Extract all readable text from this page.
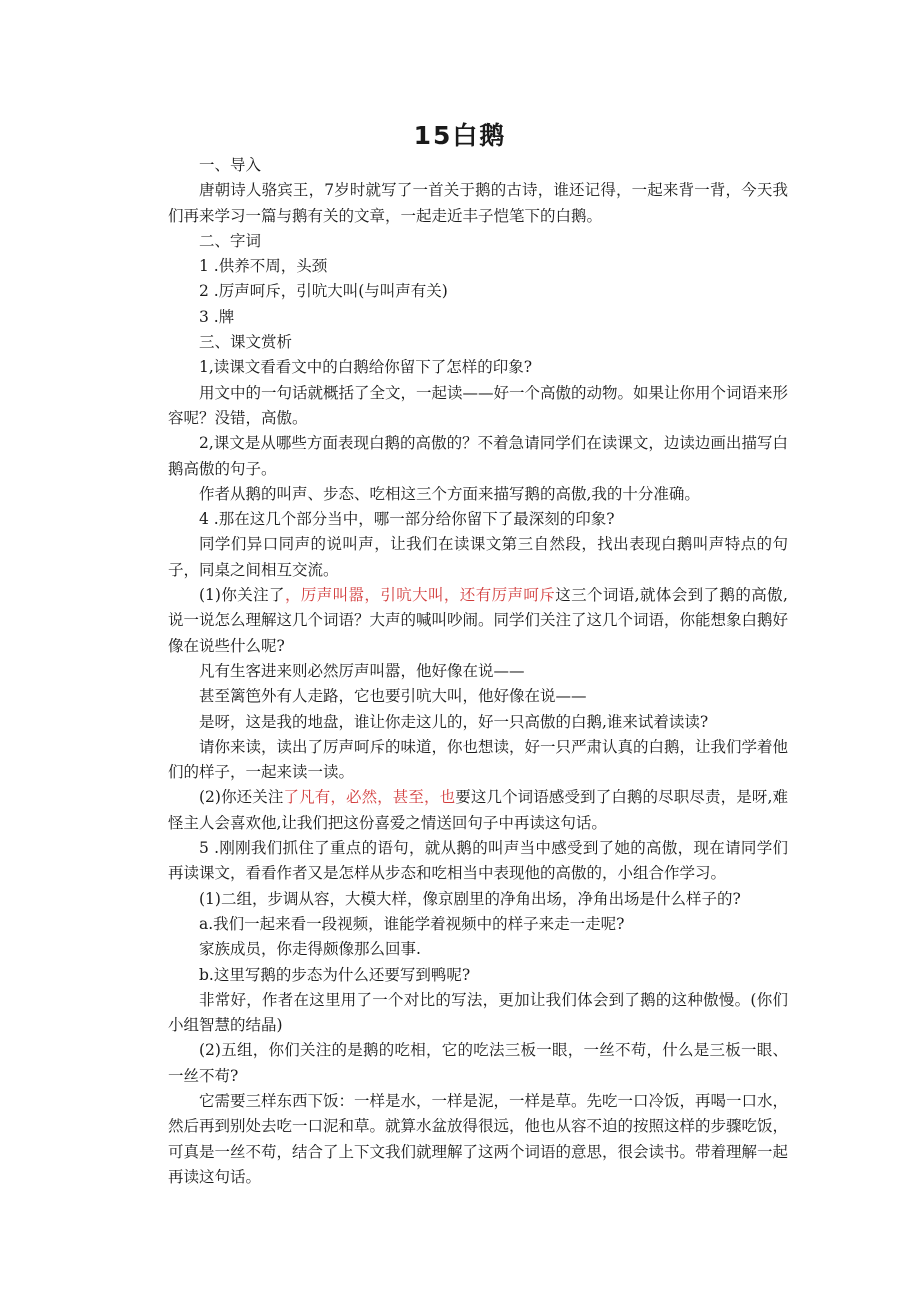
15白鹅

一、导入

唐朝诗人骆宾王，7岁时就写了一首关于鹅的古诗，谁还记得，一起来背一背，今天我们再来学习一篇与鹅有关的文章，一起走近丰子恺笔下的白鹅。

二、字词

1 .供养不周，头颈

2 .厉声呵斥，引吭大叫(与叫声有关)

3 .牌

三、课文赏析

1,读课文看看文中的白鹅给你留下了怎样的印象?

用文中的一句话就概括了全文，一起读——好一个高傲的动物。如果让你用个词语来形容呢？没错，高傲。

2,课文是从哪些方面表现白鹅的高傲的？不着急请同学们在读课文，边读边画出描写白鹅高傲的句子。

作者从鹅的叫声、步态、吃相这三个方面来描写鹅的高傲,我的十分准确。

4 .那在这几个部分当中，哪一部分给你留下了最深刻的印象?

同学们异口同声的说叫声，让我们在读课文第三自然段，找出表现白鹅叫声特点的句子，同桌之间相互交流。

(1)你关注了，厉声叫嚣，引吭大叫，还有厉声呵斥这三个词语,就体会到了鹅的高傲,说一说怎么理解这几个词语？大声的喊叫吵闹。同学们关注了这几个词语，你能想象白鹅好像在说些什么呢?

凡有生客进来则必然厉声叫嚣，他好像在说——

甚至篱笆外有人走路，它也要引吭大叫，他好像在说——

是呀，这是我的地盘，谁让你走这儿的，好一只高傲的白鹅,谁来试着读读?

请你来读，读出了厉声呵斥的味道，你也想读，好一只严肃认真的白鹅，让我们学着他们的样子，一起来读一读。

(2)你还关注了凡有，必然，甚至，也要这几个词语感受到了白鹅的尽职尽责，是呀,难怪主人会喜欢他,让我们把这份喜爱之情送回句子中再读这句话。

5 .刚刚我们抓住了重点的语句，就从鹅的叫声当中感受到了她的高傲，现在请同学们再读课文，看看作者又是怎样从步态和吃相当中表现他的高傲的，小组合作学习。

(1)二组，步调从容，大模大样，像京剧里的净角出场，净角出场是什么样子的?

a.我们一起来看一段视频，谁能学着视频中的样子来走一走呢?

家族成员，你走得颇像那么回事.

b.这里写鹅的步态为什么还要写到鸭呢?

非常好，作者在这里用了一个对比的写法，更加让我们体会到了鹅的这种傲慢。(你们小组智慧的结晶)

(2)五组，你们关注的是鹅的吃相，它的吃法三板一眼，一丝不苟，什么是三板一眼、一丝不苟?

它需要三样东西下饭：一样是水，一样是泥，一样是草。先吃一口冷饭，再喝一口水，然后再到别处去吃一口泥和草。就算水盆放得很远，他也从容不迫的按照这样的步骤吃饭，可真是一丝不苟，结合了上下文我们就理解了这两个词语的意思，很会读书。带着理解一起再读这句话。
